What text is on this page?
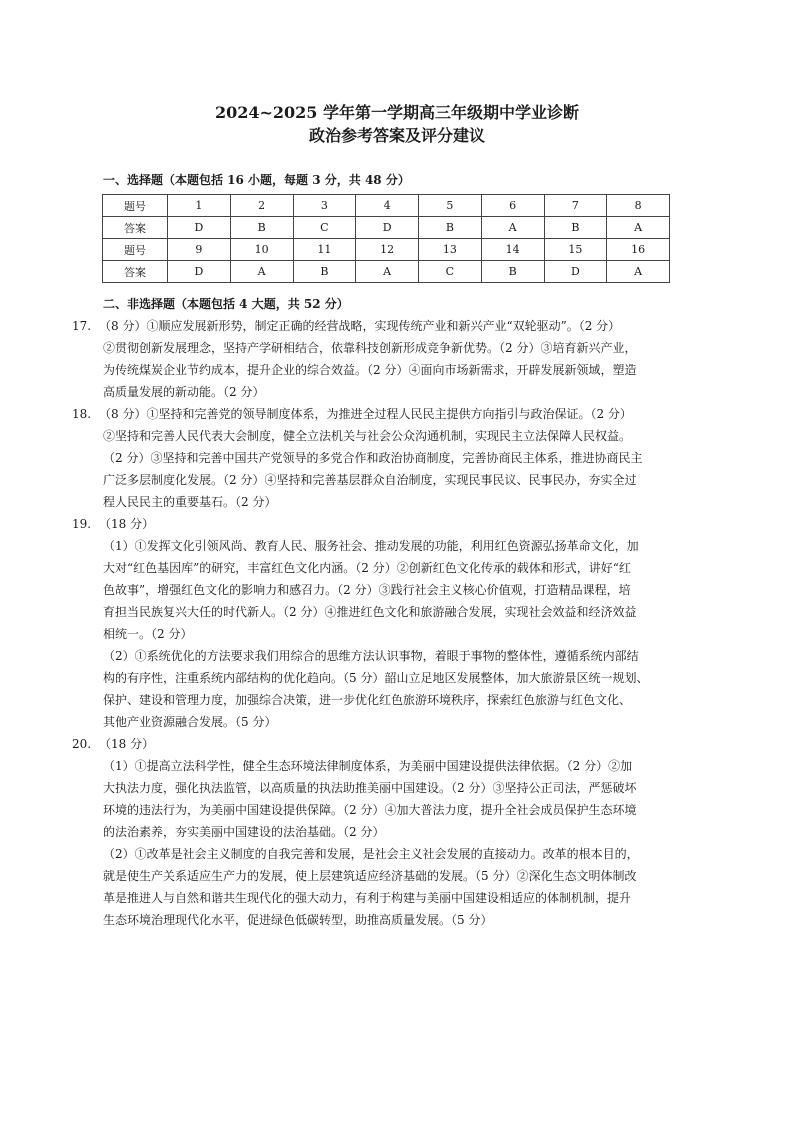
2024~2025 学年第一学期高三年级期中学业诊断
政治参考答案及评分建议
一、选择题（本题包括 16 小题，每题 3 分，共 48 分）
题号	1	2	3	4	5	6	7	8
答案	D	B	C	D	B	A	B	A
题号	9	10	11	12	13	14	15	16
答案	D	A	B	A	C	B	D	A
二、非选择题（本题包括 4 大题，共 52 分）
17. （8 分）①顺应发展新形势，制定正确的经营战略，实现传统产业和新兴产业“双轮驱动”。（2 分）
②贯彻创新发展理念，坚持产学研相结合，依靠科技创新形成竞争新优势。（2 分）③培育新兴产业，
为传统煤炭企业节约成本，提升企业的综合效益。（2 分）④面向市场新需求，开辟发展新领域，塑造
高质量发展的新动能。（2 分）
18. （8 分）①坚持和完善党的领导制度体系，为推进全过程人民民主提供方向指引与政治保证。（2 分）
②坚持和完善人民代表大会制度，健全立法机关与社会公众沟通机制，实现民主立法保障人民权益。
（2 分）③坚持和完善中国共产党领导的多党合作和政治协商制度，完善协商民主体系，推进协商民主
广泛多层制度化发展。（2 分）④坚持和完善基层群众自治制度，实现民事民议、民事民办，夯实全过
程人民民主的重要基石。（2 分）
19. （18 分）
（1）①发挥文化引领风尚、教育人民、服务社会、推动发展的功能，利用红色资源弘扬革命文化，加
大对“红色基因库”的研究，丰富红色文化内涵。（2 分）②创新红色文化传承的载体和形式，讲好“红
色故事”，增强红色文化的影响力和感召力。（2 分）③践行社会主义核心价值观，打造精品课程，培
育担当民族复兴大任的时代新人。（2 分）④推进红色文化和旅游融合发展，实现社会效益和经济效益
相统一。（2 分）
（2）①系统优化的方法要求我们用综合的思维方法认识事物，着眼于事物的整体性，遵循系统内部结
构的有序性，注重系统内部结构的优化趋向。（5 分）韶山立足地区发展整体，加大旅游景区统一规划、
保护、建设和管理力度，加强综合决策，进一步优化红色旅游环境秩序，探索红色旅游与红色文化、
其他产业资源融合发展。（5 分）
20. （18 分）
（1）①提高立法科学性，健全生态环境法律制度体系，为美丽中国建设提供法律依据。（2 分）②加
大执法力度，强化执法监管，以高质量的执法助推美丽中国建设。（2 分）③坚持公正司法，严惩破坏
环境的违法行为，为美丽中国建设提供保障。（2 分）④加大普法力度，提升全社会成员保护生态环境
的法治素养，夯实美丽中国建设的法治基础。（2 分）
（2）①改革是社会主义制度的自我完善和发展，是社会主义社会发展的直接动力。改革的根本目的，
就是使生产关系适应生产力的发展，使上层建筑适应经济基础的发展。（5 分）②深化生态文明体制改
革是推进人与自然和谐共生现代化的强大动力，有利于构建与美丽中国建设相适应的体制机制，提升
生态环境治理现代化水平，促进绿色低碳转型，助推高质量发展。（5 分）
